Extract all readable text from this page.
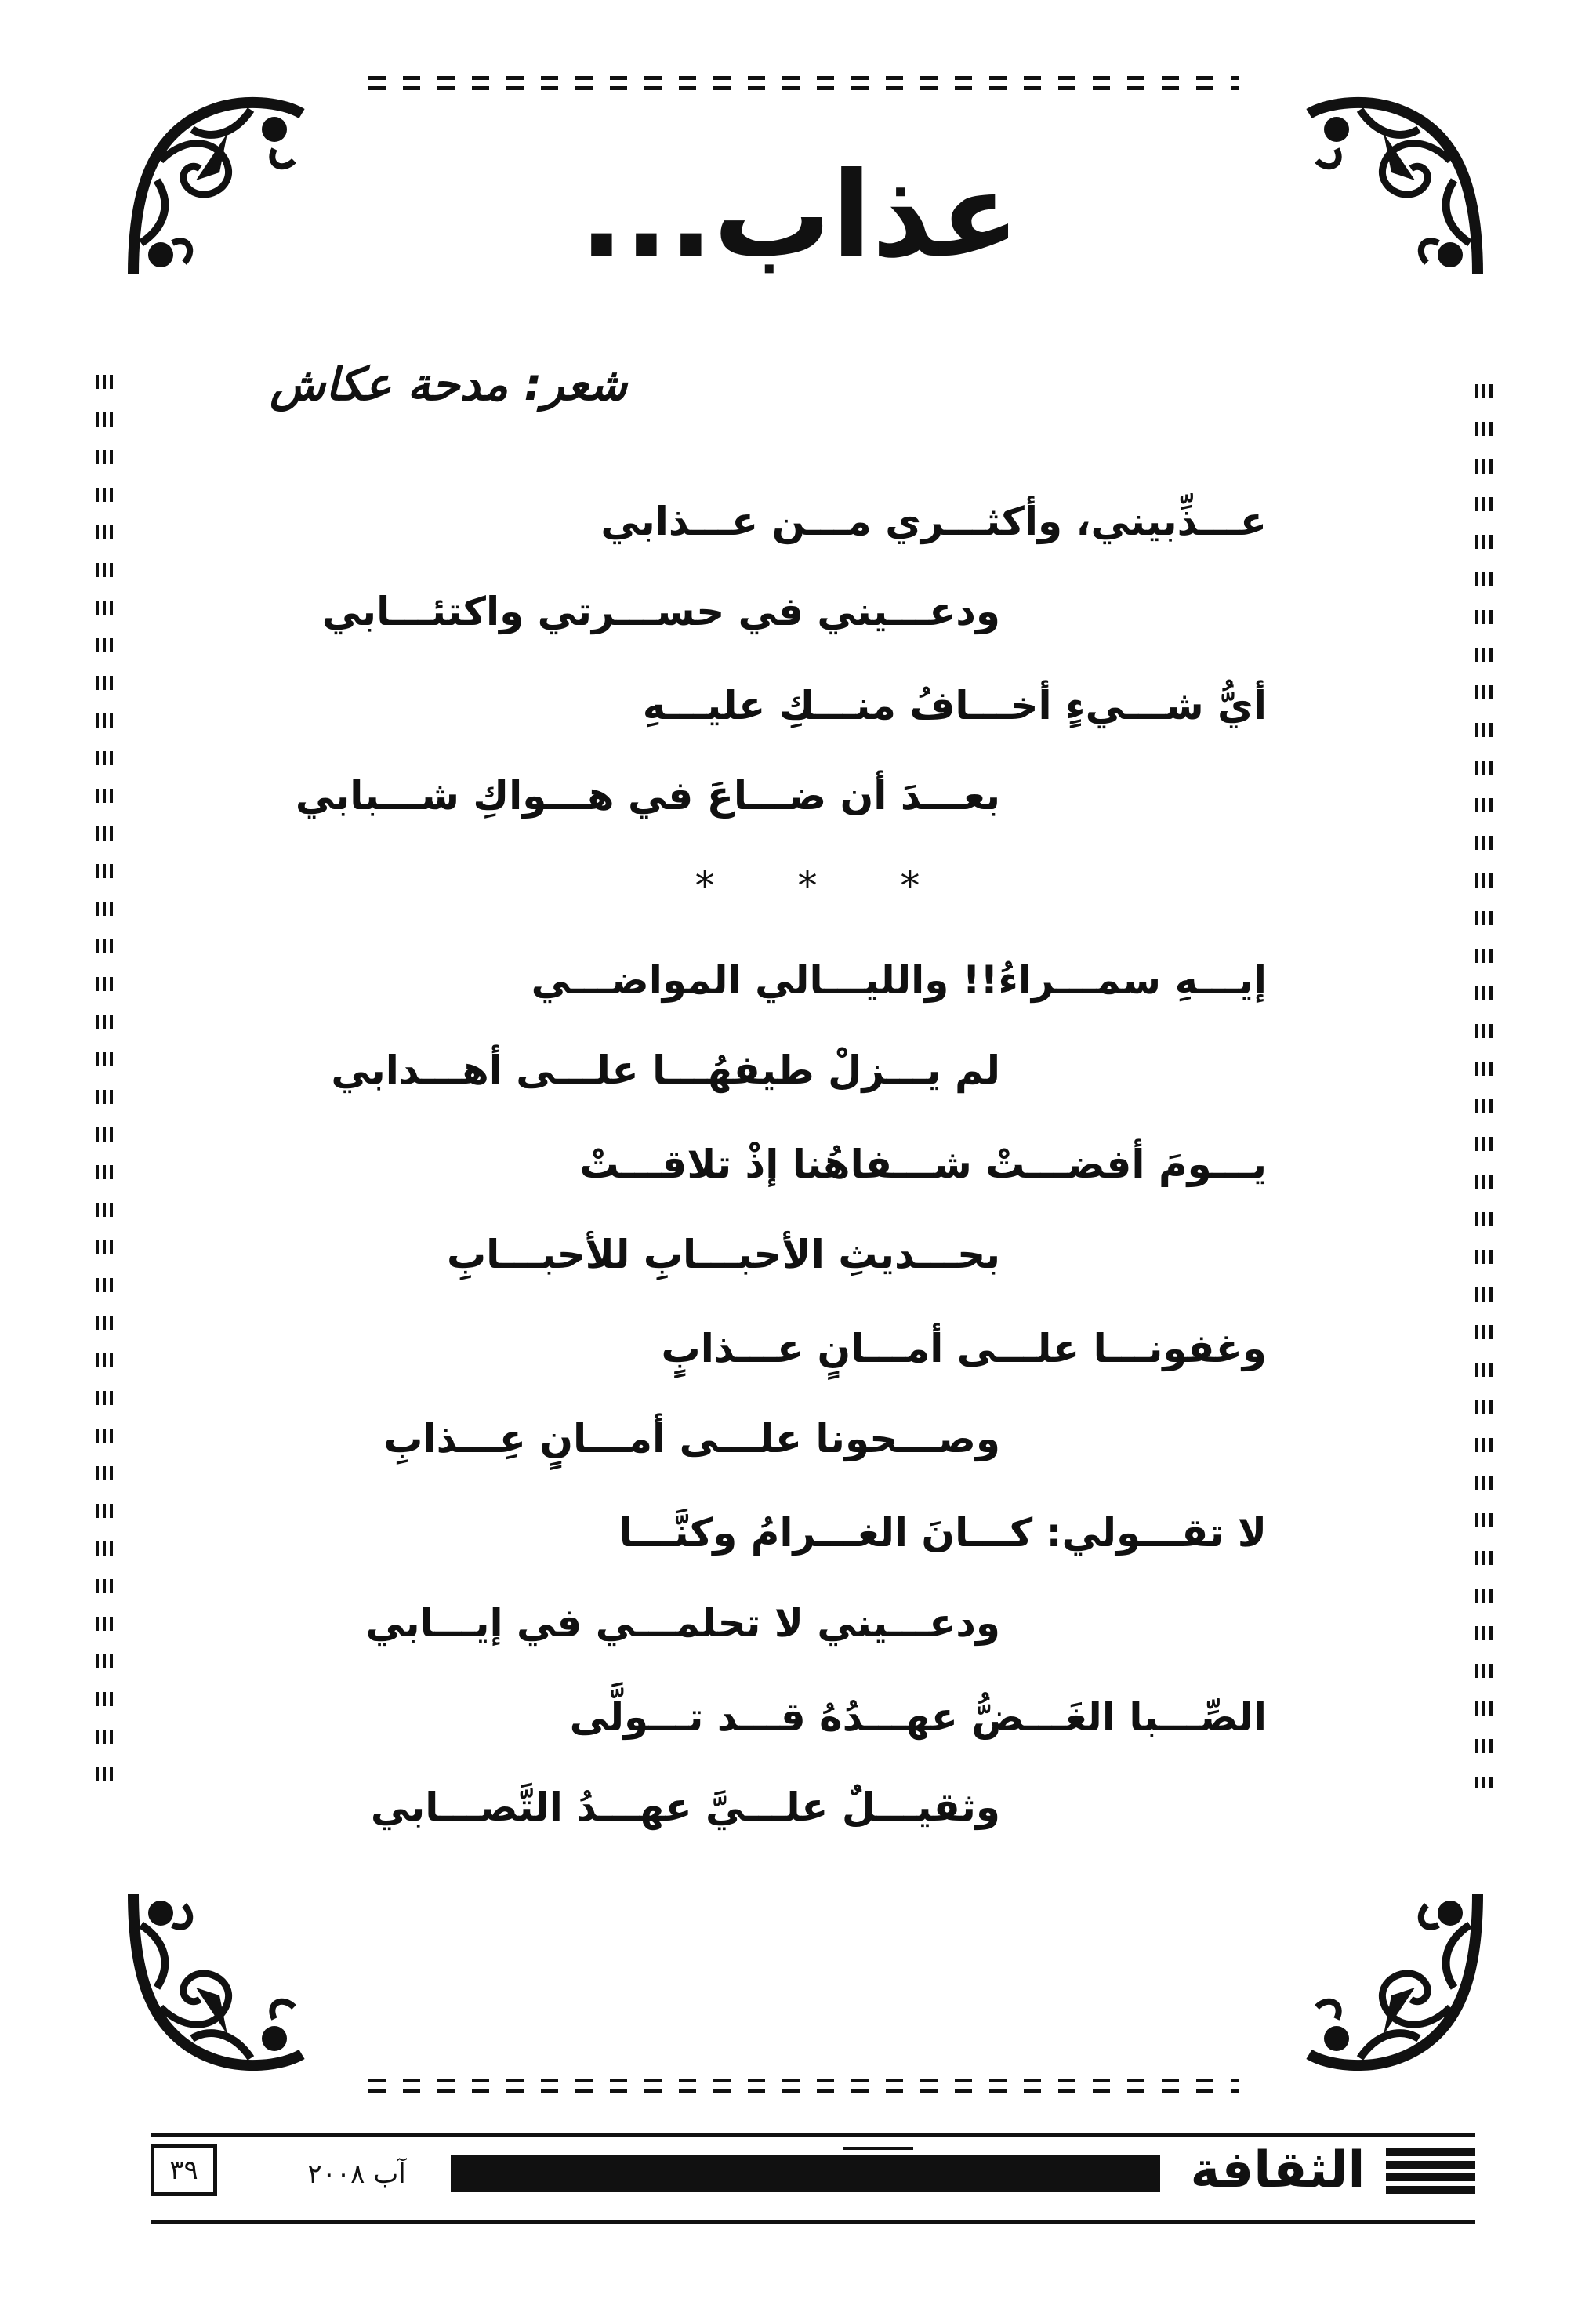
عذاب...
شعر: مدحة عكاش
عـــذِّبيني، وأكثـــري مـــن عـــذابي
ودعـــيني في حســـرتي واكتئـــابي
أيُّ شـــيءٍ أخـــافُ منـــكِ عليـــهِ
بعـــدَ أن ضـــاعَ في هـــواكِ شـــبابي
* * *
إيـــهِ سمـــراءُ!! والليـــالي المواضـــي
لم يـــزلْ طيفهُـــا علـــى أهـــدابي
يـــومَ أفضـــتْ شـــفاهُنا إذْ تلاقـــتْ
بحـــديثِ الأحبـــابِ للأحبـــابِ
وغفونـــا علـــى أمـــانٍ عـــذابٍ
وصـــحونا علـــى أمـــانٍ عِـــذابِ
لا تقـــولي: كـــانَ الغـــرامُ وكنَّـــا
ودعـــيني لا تحلمـــي في إيـــابي
الصِّـــبا الغَـــضُّ عهـــدُهُ قـــد تـــولَّى
وثقيـــلٌ علـــيَّ عهـــدُ التَّصـــابي
الثقافة
آب ٢٠٠٨
٣٩
